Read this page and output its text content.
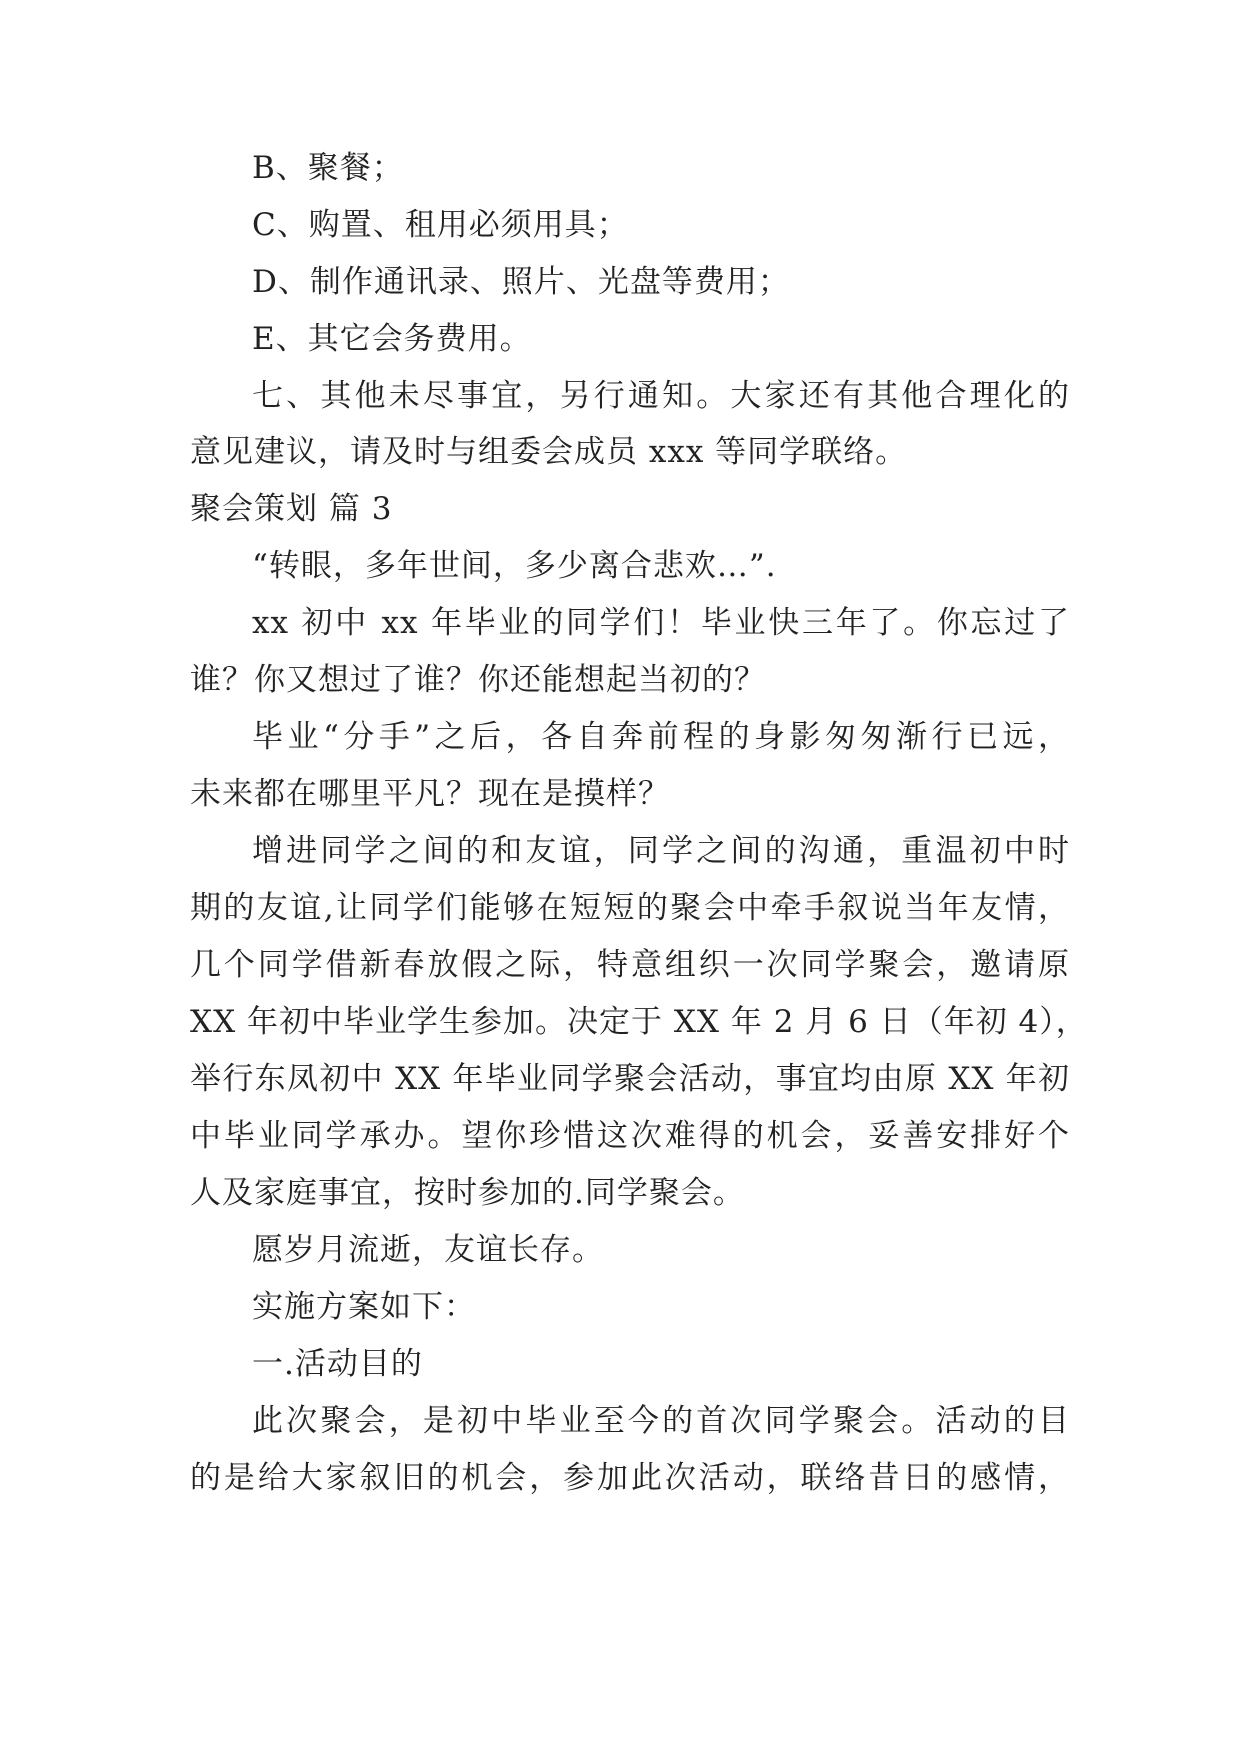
B、聚餐；

C、购置、租用必须用具；

D、制作通讯录、照片、光盘等费用；

E、其它会务费用。

七、其他未尽事宜，另行通知。大家还有其他合理化的

意见建议，请及时与组委会成员 xxx 等同学联络。

聚会策划 篇 3

“转眼，多年世间，多少离合悲欢…”.

xx 初中 xx 年毕业的同学们！毕业快三年了。你忘过了

谁？你又想过了谁？你还能想起当初的？

毕业“分手”之后，各自奔前程的身影匆匆渐行已远，

未来都在哪里平凡？现在是摸样？

增进同学之间的和友谊，同学之间的沟通，重温初中时

期的友谊,让同学们能够在短短的聚会中牵手叙说当年友情，

几个同学借新春放假之际，特意组织一次同学聚会，邀请原

XX 年初中毕业学生参加。决定于 XX 年 2 月 6 日（年初 4），

举行东凤初中 XX 年毕业同学聚会活动，事宜均由原 XX 年初

中毕业同学承办。望你珍惜这次难得的机会，妥善安排好个

人及家庭事宜，按时参加的.同学聚会。

愿岁月流逝，友谊长存。

实施方案如下：

一.活动目的

此次聚会，是初中毕业至今的首次同学聚会。活动的目

的是给大家叙旧的机会，参加此次活动，联络昔日的感情，
